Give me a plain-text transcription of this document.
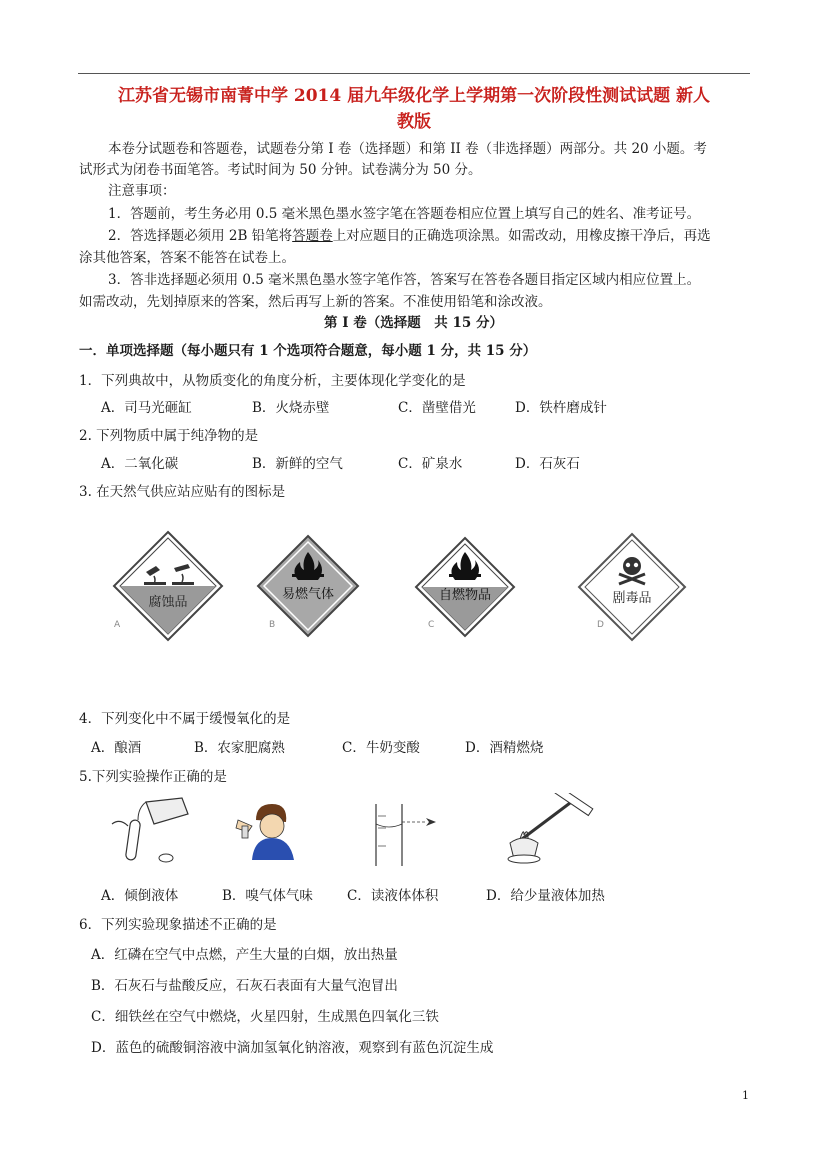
江苏省无锡市南菁中学 2014 届九年级化学上学期第一次阶段性测试试题 新人
教版
本卷分试题卷和答题卷，试题卷分第 I 卷（选择题）和第 II 卷（非选择题）两部分。共 20 小题。考
试形式为闭卷书面笔答。考试时间为 50 分钟。试卷满分为 50 分。
注意事项：
1．答题前，考生务必用 0.5 毫米黑色墨水签字笔在答题卷相应位置上填写自己的姓名、准考证号。
2．答选择题必须用 2B 铅笔将答题卷上对应题目的正确选项涂黑。如需改动，用橡皮擦干净后，再选
涂其他答案，答案不能答在试卷上。
3．答非选择题必须用 0.5 毫米黑色墨水签字笔作答，答案写在答卷各题目指定区域内相应位置上。
如需改动，先划掉原来的答案，然后再写上新的答案。不准使用铅笔和涂改液。
第 I 卷（选择题　共 15 分）
一．单项选择题（每小题只有 1 个选项符合题意，每小题 1 分，共 15 分）
1．下列典故中，从物质变化的角度分析，主要体现化学变化的是
A．司马光砸缸	B．火烧赤壁	C．凿壁借光	D．铁杵磨成针
2. 下列物质中属于纯净物的是
A．二氧化碳	B．新鲜的空气	C．矿泉水	D．石灰石
3. 在天然气供应站应贴有的图标是
腐蚀品
A
易燃气体
B
自燃物品
C
剧毒品
D
4．下列变化中不属于缓慢氧化的是
A．酿酒	B．农家肥腐熟	C．牛奶变酸	D．酒精燃烧
5.下列实验操作正确的是
A．倾倒液体	B．嗅气体气味	C．读液体体积	D．给少量液体加热
6．下列实验现象描述不正确的是
A．红磷在空气中点燃，产生大量的白烟，放出热量
B．石灰石与盐酸反应，石灰石表面有大量气泡冒出
C．细铁丝在空气中燃烧，火星四射，生成黑色四氧化三铁
D．蓝色的硫酸铜溶液中滴加氢氧化钠溶液，观察到有蓝色沉淀生成
1
